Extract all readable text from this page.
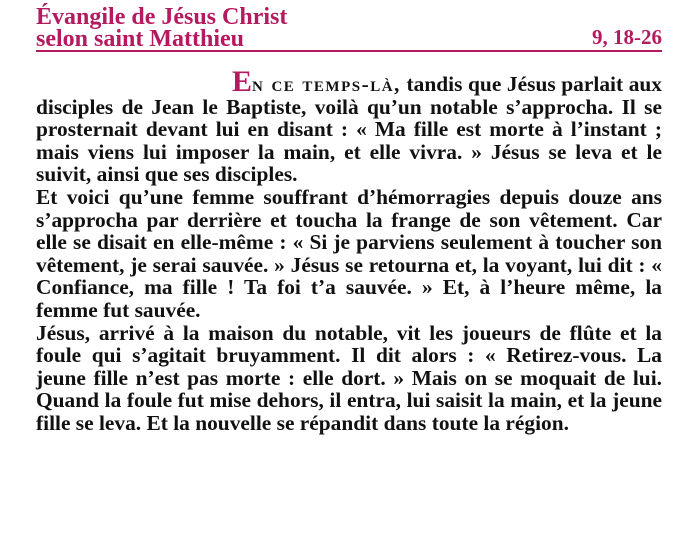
Évangile de Jésus Christ
selon saint Matthieu	9, 18-26

En ce temps-là, tandis que Jésus parlait aux disciples de Jean le Baptiste, voilà qu’un notable s’approcha. Il se prosternait devant lui en disant : « Ma fille est morte à l’instant ; mais viens lui imposer la main, et elle vivra. » Jésus se leva et le suivit, ainsi que ses disciples.

Et voici qu’une femme souffrant d’hémorragies depuis douze ans s’approcha par derrière et toucha la frange de son vêtement. Car elle se disait en elle-même : « Si je parviens seulement à toucher son vêtement, je serai sauvée. » Jésus se retourna et, la voyant, lui dit : « Confiance, ma fille ! Ta foi t’a sauvée. » Et, à l’heure même, la femme fut sauvée.

Jésus, arrivé à la maison du notable, vit les joueurs de flûte et la foule qui s’agitait bruyamment. Il dit alors : « Retirez-vous. La jeune fille n’est pas morte : elle dort. » Mais on se moquait de lui. Quand la foule fut mise dehors, il entra, lui saisit la main, et la jeune fille se leva. Et la nouvelle se répandit dans toute la région.
